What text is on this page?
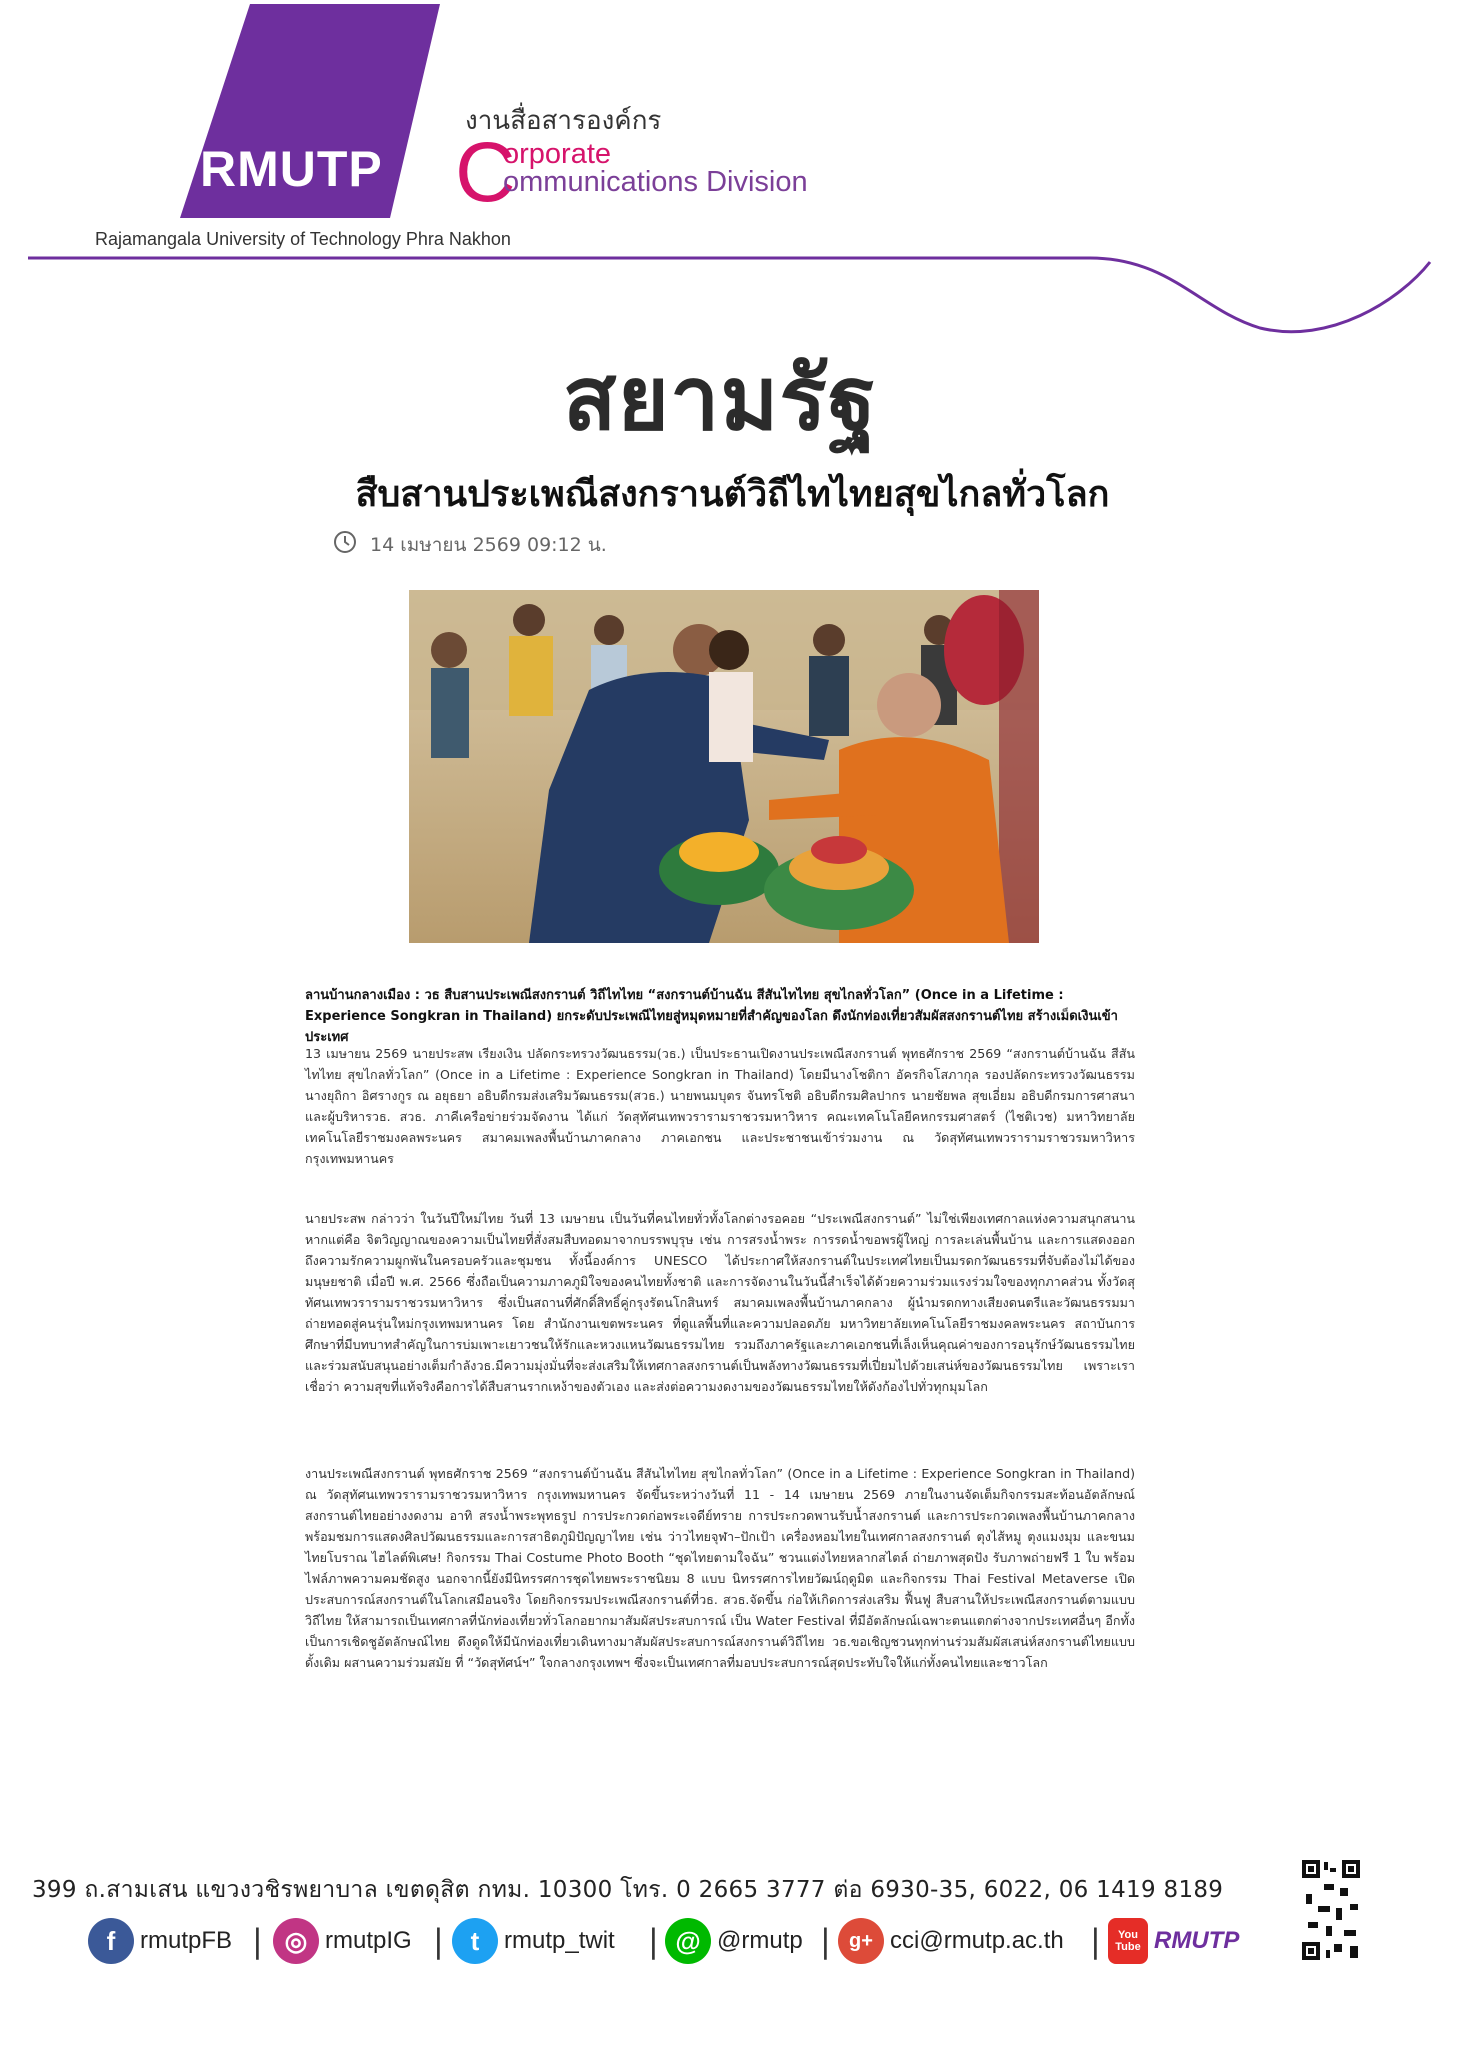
RMUTP
งานสื่อสารองค์กร
C
orporate
ommunications Division
Rajamangala University of Technology Phra Nakhon
สยามรัฐ
สืบสานประเพณีสงกรานต์วิถีไทไทยสุขไกลทั่วโลก
14 เมษายน 2569 09:12 น.
ลานบ้านกลางเมือง : วธ สืบสานประเพณีสงกรานต์ วิถีไทไทย “สงกรานต์บ้านฉัน สีสันไทไทย สุขไกลทั่วโลก” (Once in a Lifetime : Experience Songkran in Thailand) ยกระดับประเพณีไทยสู่หมุดหมายที่สำคัญของโลก ดึงนักท่องเที่ยวสัมผัสสงกรานต์ไทย สร้างเม็ดเงินเข้าประเทศ
13 เมษายน 2569 นายประสพ เรียงเงิน ปลัดกระทรวงวัฒนธรรม(วธ.) เป็นประธานเปิดงานประเพณีสงกรานต์ พุทธศักราช 2569 “สงกรานต์บ้านฉัน สีสันไทไทย สุขไกลทั่วโลก” (Once in a Lifetime : Experience Songkran in Thailand) โดยมีนางโชติกา อัครกิจโสภากุล รองปลัดกระทรวงวัฒนธรรม นางยุถิกา อิศรางกูร ณ อยุธยา อธิบดีกรมส่งเสริมวัฒนธรรม(สวธ.) นายพนมบุตร จันทรโชติ อธิบดีกรมศิลปากร นายชัยพล สุขเอี่ยม อธิบดีกรมการศาสนา และผู้บริหารวธ. สวธ. ภาคีเครือข่ายร่วมจัดงาน ได้แก่ วัดสุทัศนเทพวรารามราชวรมหาวิหาร คณะเทคโนโลยีคหกรรมศาสตร์ (ไชติเวช) มหาวิทยาลัยเทคโนโลยีราชมงคลพระนคร สมาคมเพลงพื้นบ้านภาคกลาง ภาคเอกชน และประชาชนเข้าร่วมงาน ณ วัดสุทัศนเทพวรารามราชวรมหาวิหาร กรุงเทพมหานคร
นายประสพ กล่าวว่า ในวันปีใหม่ไทย วันที่ 13 เมษายน เป็นวันที่คนไทยทั่วทั้งโลกต่างรอคอย “ประเพณีสงกรานต์” ไม่ใช่เพียงเทศกาลแห่งความสนุกสนาน หากแต่คือ จิตวิญญาณของความเป็นไทยที่สั่งสมสืบทอดมาจากบรรพบุรุษ เช่น การสรงน้ำพระ การรดน้ำขอพรผู้ใหญ่ การละเล่นพื้นบ้าน และการแสดงออกถึงความรักความผูกพันในครอบครัวและชุมชน ทั้งนี้องค์การ UNESCO ได้ประกาศให้สงกรานต์ในประเทศไทยเป็นมรดกวัฒนธรรมที่จับต้องไม่ได้ของมนุษยชาติ เมื่อปี พ.ศ. 2566 ซึ่งถือเป็นความภาคภูมิใจของคนไทยทั้งชาติ และการจัดงานในวันนี้สำเร็จได้ด้วยความร่วมแรงร่วมใจของทุกภาคส่วน ทั้งวัดสุทัศนเทพวรารามราชวรมหาวิหาร ซึ่งเป็นสถานที่ศักดิ์สิทธิ์คู่กรุงรัตนโกสินทร์ สมาคมเพลงพื้นบ้านภาคกลาง ผู้นำมรดกทางเสียงดนตรีและวัฒนธรรมมาถ่ายทอดสู่คนรุ่นใหม่กรุงเทพมหานคร โดย สำนักงานเขตพระนคร ที่ดูแลพื้นที่และความปลอดภัย มหาวิทยาลัยเทคโนโลยีราชมงคลพระนคร สถาบันการศึกษาที่มีบทบาทสำคัญในการบ่มเพาะเยาวชนให้รักและหวงแหนวัฒนธรรมไทย รวมถึงภาครัฐและภาคเอกชนที่เล็งเห็นคุณค่าของการอนุรักษ์วัฒนธรรมไทยและร่วมสนับสนุนอย่างเต็มกำลังวธ.มีความมุ่งมั่นที่จะส่งเสริมให้เทศกาลสงกรานต์เป็นพลังทางวัฒนธรรมที่เปี่ยมไปด้วยเสน่ห์ของวัฒนธรรมไทย เพราะเราเชื่อว่า ความสุขที่แท้จริงคือการได้สืบสานรากเหง้าของตัวเอง และส่งต่อความงดงามของวัฒนธรรมไทยให้ดังก้องไปทั่วทุกมุมโลก
งานประเพณีสงกรานต์ พุทธศักราช 2569 “สงกรานต์บ้านฉัน สีสันไทไทย สุขไกลทั่วโลก” (Once in a Lifetime : Experience Songkran in Thailand) ณ วัดสุทัศนเทพวรารามราชวรมหาวิหาร กรุงเทพมหานคร จัดขึ้นระหว่างวันที่ 11 - 14 เมษายน 2569 ภายในงานจัดเต็มกิจกรรมสะท้อนอัตลักษณ์สงกรานต์ไทยอย่างงดงาม อาทิ สรงน้ำพระพุทธรูป การประกวดก่อพระเจดีย์ทราย การประกวดพานรับน้ำสงกรานต์ และการประกวดเพลงพื้นบ้านภาคกลาง พร้อมชมการแสดงศิลปวัฒนธรรมและการสาธิตภูมิปัญญาไทย เช่น ว่าวไทยจุฬา–ปักเป้า เครื่องหอมไทยในเทศกาลสงกรานต์ ตุงไส้หมู ตุงแมงมุม และขนมไทยโบราณ ไฮไลต์พิเศษ! กิจกรรม Thai Costume Photo Booth “ชุดไทยตามใจฉัน” ชวนแต่งไทยหลากสไตล์ ถ่ายภาพสุดปัง รับภาพถ่ายฟรี 1 ใบ พร้อมไฟล์ภาพความคมชัดสูง นอกจากนี้ยังมีนิทรรศการชุดไทยพระราชนิยม 8 แบบ นิทรรศการไทยวัฒน์ฤดูมิต และกิจกรรม Thai Festival Metaverse เปิดประสบการณ์สงกรานต์ในโลกเสมือนจริง โดยกิจกรรมประเพณีสงกรานต์ที่วธ. สวธ.จัดขึ้น ก่อให้เกิดการส่งเสริม ฟื้นฟู สืบสานให้ประเพณีสงกรานต์ตามแบบวิถีไทย ให้สามารถเป็นเทศกาลที่นักท่องเที่ยวทั่วโลกอยากมาสัมผัสประสบการณ์ เป็น Water Festival ที่มีอัตลักษณ์เฉพาะตนแตกต่างจากประเทศอื่นๆ อีกทั้งเป็นการเชิดชูอัตลักษณ์ไทย ดึงดูดให้มีนักท่องเที่ยวเดินทางมาสัมผัสประสบการณ์สงกรานต์วิถีไทย วธ.ขอเชิญชวนทุกท่านร่วมสัมผัสเสน่ห์สงกรานต์ไทยแบบดั้งเดิม ผสานความร่วมสมัย ที่ “วัดสุทัศน์ฯ” ใจกลางกรุงเทพฯ ซึ่งจะเป็นเทศกาลที่มอบประสบการณ์สุดประทับใจให้แก่ทั้งคนไทยและชาวโลก
399 ถ.สามเสน แขวงวชิรพยาบาล เขตดุสิต กทม. 10300 โทร. 0 2665 3777 ต่อ 6930-35, 6022, 06 1419 8189
f	rmutpFB | ◎ rmutpIG |	t	rmutp_twit | @ @rmutp | g+ cci@rmutp.ac.th |	You Tube RMUTP
